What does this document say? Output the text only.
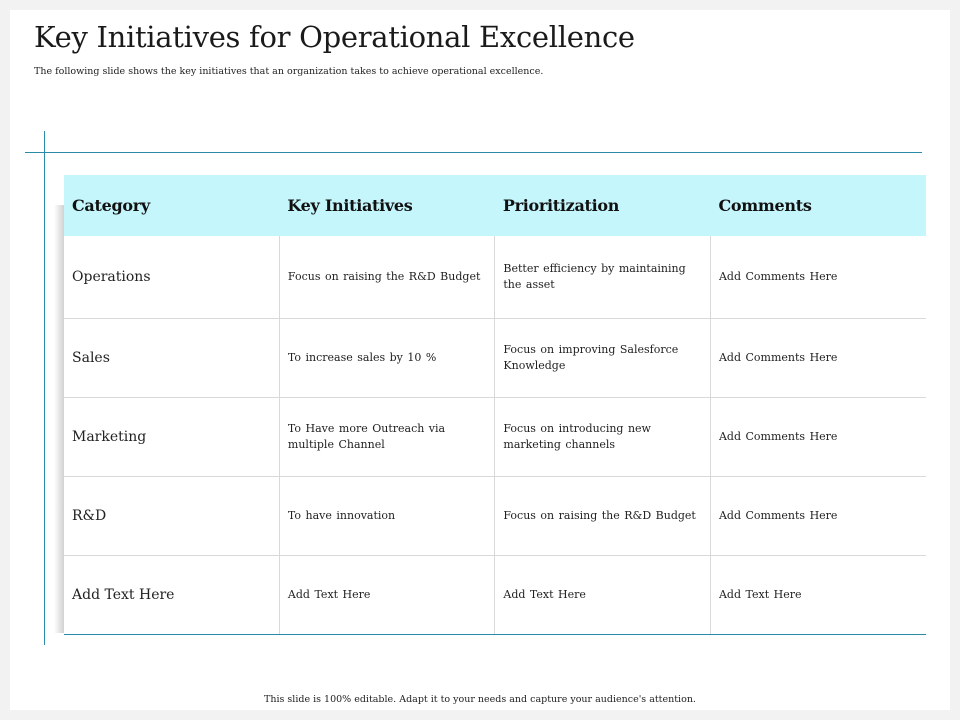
Key Initiatives for Operational Excellence
The following slide shows the key initiatives that an organization takes to achieve operational excellence.
Category	Key Initiatives	Prioritization	Comments
Operations	Focus on raising the R&D Budget	Better efficiency by maintaining the asset	Add Comments Here
Sales	To increase sales by 10 %	Focus on improving Salesforce Knowledge	Add Comments Here
Marketing	To Have more Outreach via multiple Channel	Focus on introducing new marketing channels	Add Comments Here
R&D	To have innovation	Focus on raising the R&D Budget	Add Comments Here
Add Text Here	Add Text Here	Add Text Here	Add Text Here
This slide is 100% editable. Adapt it to your needs and capture your audience's attention.
